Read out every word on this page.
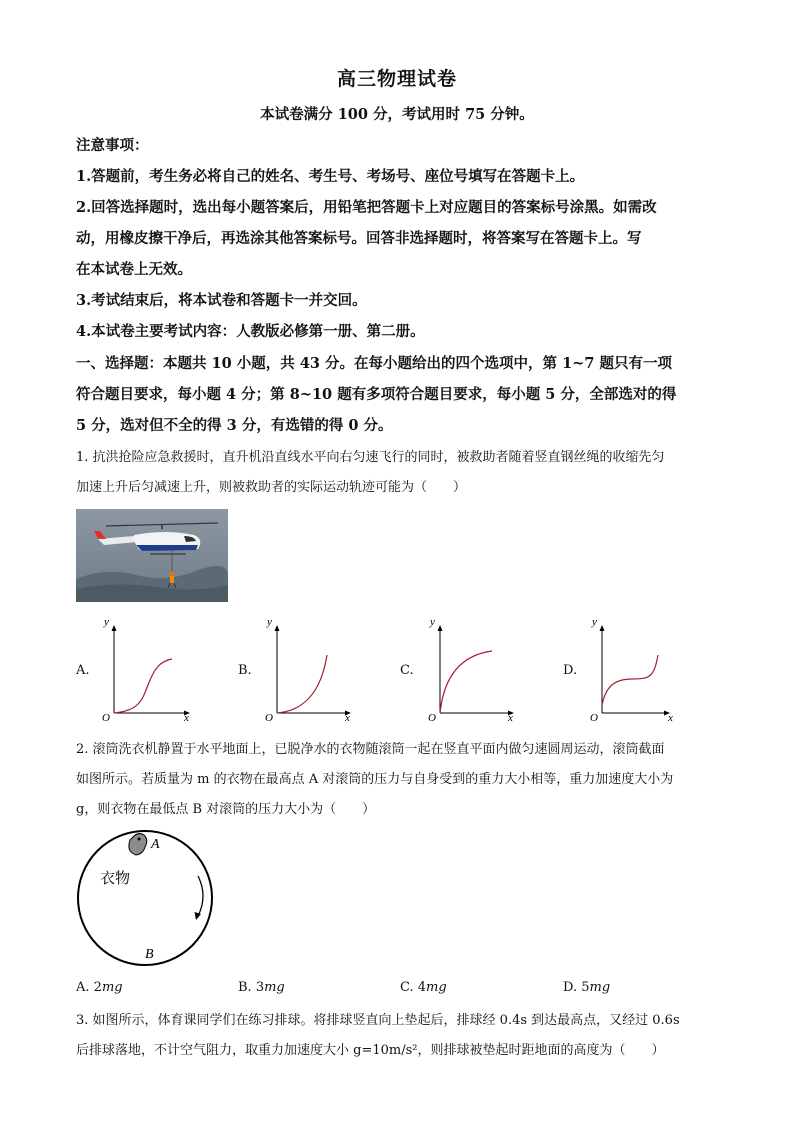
高三物理试卷
本试卷满分 100 分，考试用时 75 分钟。
注意事项：
1.答题前，考生务必将自己的姓名、考生号、考场号、座位号填写在答题卡上。
2.回答选择题时，选出每小题答案后，用铅笔把答题卡上对应题目的答案标号涂黑。如需改
动，用橡皮擦干净后，再选涂其他答案标号。回答非选择题时，将答案写在答题卡上。写
在本试卷上无效。
3.考试结束后，将本试卷和答题卡一并交回。
4.本试卷主要考试内容：人教版必修第一册、第二册。
一、选择题：本题共 10 小题，共 43 分。在每小题给出的四个选项中，第 1~7 题只有一项
符合题目要求，每小题 4 分；第 8~10 题有多项符合题目要求，每小题 5 分，全部选对的得
5 分，选对但不全的得 3 分，有选错的得 0 分。
1. 抗洪抢险应急救援时，直升机沿直线水平向右匀速飞行的同时，被救助者随着竖直钢丝绳的收缩先匀
加速上升后匀减速上升，则被救助者的实际运动轨迹可能为（　　）
A.
y
x
O
B.
y
x
O
C.
y
x
O
D.
y
x
O
2. 滚筒洗衣机静置于水平地面上，已脱净水的衣物随滚筒一起在竖直平面内做匀速圆周运动，滚筒截面
如图所示。若质量为 m 的衣物在最高点 A 对滚筒的压力与自身受到的重力大小相等，重力加速度大小为
g，则衣物在最低点 B 对滚筒的压力大小为（　　）
A
衣物
B
A. 2mg	B. 3mg	C. 4mg	D. 5mg
3. 如图所示，体育课同学们在练习排球。将排球竖直向上垫起后，排球经 0.4s 到达最高点，又经过 0.6s
后排球落地，不计空气阻力，取重力加速度大小 g=10m/s²，则排球被垫起时距地面的高度为（　　）
